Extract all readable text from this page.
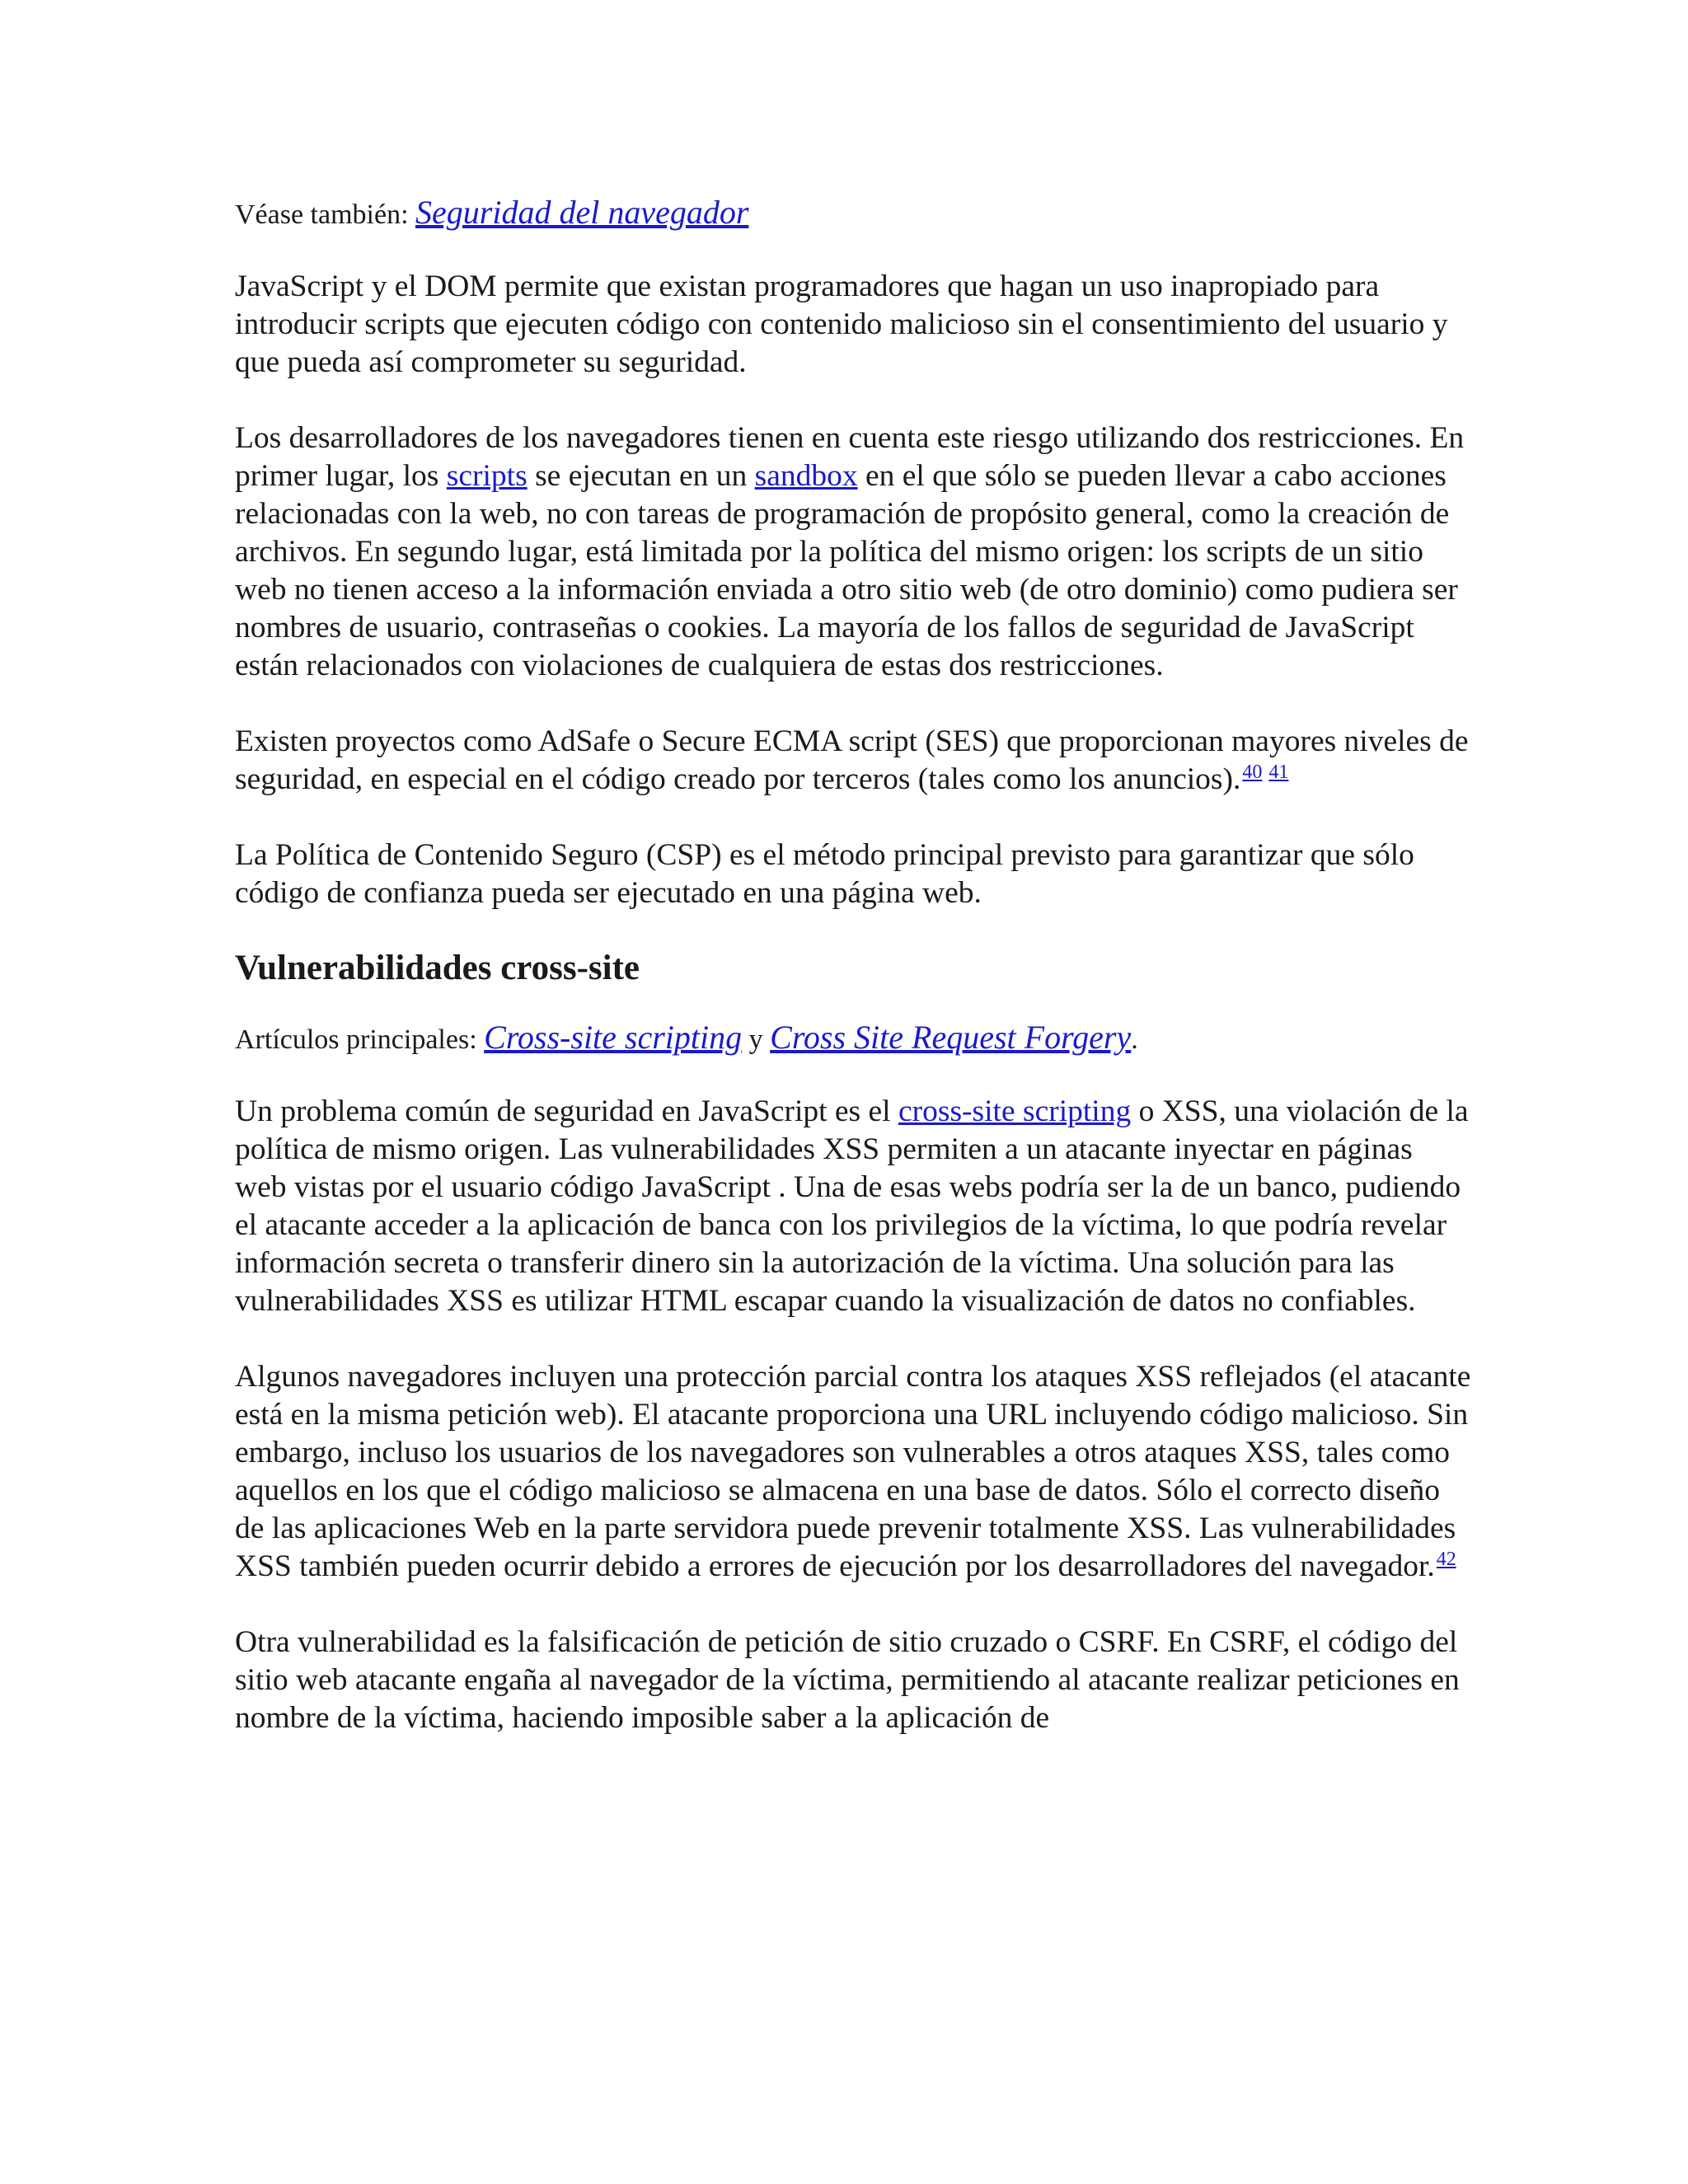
Véase también: Seguridad del navegador

JavaScript y el DOM permite que existan programadores que hagan un uso inapropiado para introducir scripts que ejecuten código con contenido malicioso sin el consentimiento del usuario y que pueda así comprometer su seguridad.

Los desarrolladores de los navegadores tienen en cuenta este riesgo utilizando dos restricciones. En primer lugar, los scripts se ejecutan en un sandbox en el que sólo se pueden llevar a cabo acciones relacionadas con la web, no con tareas de programación de propósito general, como la creación de archivos. En segundo lugar, está limitada por la política del mismo origen: los scripts de un sitio web no tienen acceso a la información enviada a otro sitio web (de otro dominio) como pudiera ser nombres de usuario, contraseñas o cookies. La mayoría de los fallos de seguridad de JavaScript están relacionados con violaciones de cualquiera de estas dos restricciones.

Existen proyectos como AdSafe o Secure ECMA script (SES) que proporcionan mayores niveles de seguridad, en especial en el código creado por terceros (tales como los anuncios).$^{40 41}$

La Política de Contenido Seguro (CSP) es el método principal previsto para garantizar que sólo código de confianza pueda ser ejecutado en una página web.

Vulnerabilidades cross-site
Artículos principales: Cross-site scripting y Cross Site Request Forgery.

Un problema común de seguridad en JavaScript es el cross-site scripting o XSS, una violación de la política de mismo origen. Las vulnerabilidades XSS permiten a un atacante inyectar en páginas web vistas por el usuario código JavaScript . Una de esas webs podría ser la de un banco, pudiendo el atacante acceder a la aplicación de banca con los privilegios de la víctima, lo que podría revelar información secreta o transferir dinero sin la autorización de la víctima. Una solución para las vulnerabilidades XSS es utilizar HTML escapar cuando la visualización de datos no confiables.

Algunos navegadores incluyen una protección parcial contra los ataques XSS reflejados (el atacante está en la misma petición web). El atacante proporciona una URL incluyendo código malicioso. Sin embargo, incluso los usuarios de los navegadores son vulnerables a otros ataques XSS, tales como aquellos en los que el código malicioso se almacena en una base de datos. Sólo el correcto diseño de las aplicaciones Web en la parte servidora puede prevenir totalmente XSS. Las vulnerabilidades XSS también pueden ocurrir debido a errores de ejecución por los desarrolladores del navegador.$^{42}$

Otra vulnerabilidad es la falsificación de petición de sitio cruzado o CSRF. En CSRF, el código del sitio web atacante engaña al navegador de la víctima, permitiendo al atacante realizar peticiones en nombre de la víctima, haciendo imposible saber a la aplicación de
